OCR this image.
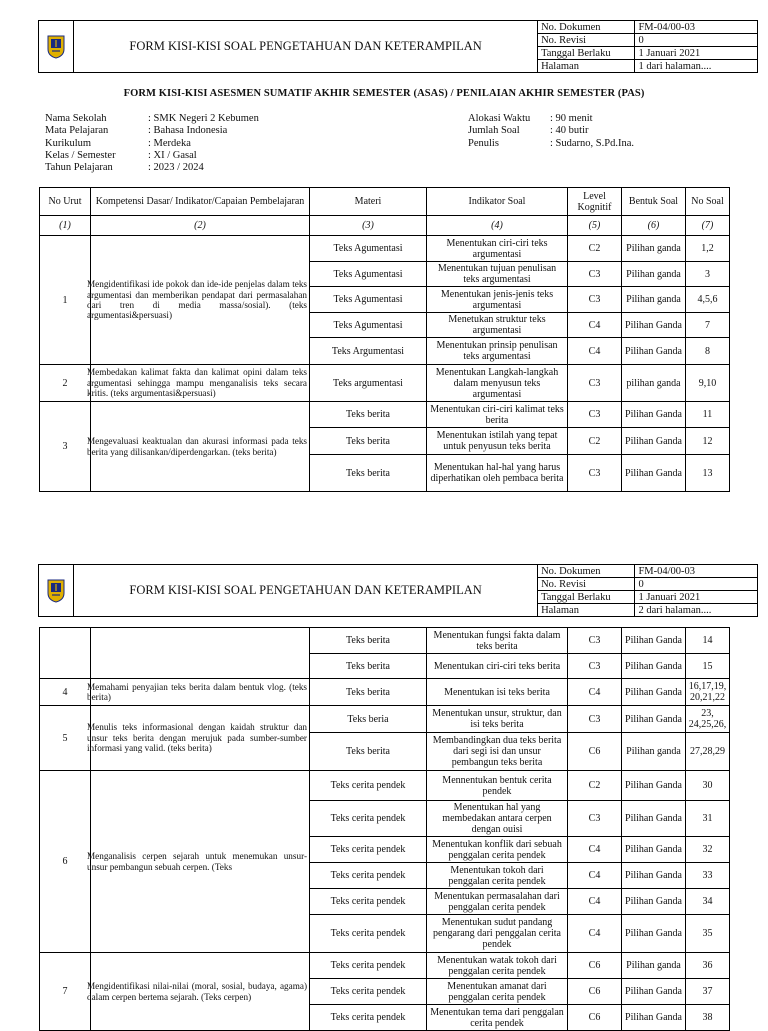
	FORM KISI-KISI SOAL PENGETAHUAN DAN KETERAMPILAN	No. Dokumen	FM-04/00-03
		No. Revisi	0
		Tanggal Berlaku	1 Januari 2021
		Halaman	1 dari halaman....
FORM KISI-KISI ASESMEN SUMATIF AKHIR SEMESTER (ASAS) / PENILAIAN AKHIR SEMESTER (PAS)
Nama Sekolah	: SMK Negeri 2 Kebumen
Mata Pelajaran	: Bahasa Indonesia
Kurikulum	: Merdeka
Kelas / Semester	: XI / Gasal
Tahun Pelajaran	: 2023 / 2024
Alokasi Waktu	: 90 menit
Jumlah Soal	: 40 butir
Penulis	: Sudarno, S.Pd.Ina.
No Urut	Kompetensi Dasar/ Indikator/Capaian Pembelajaran	Materi	Indikator Soal	Level Kognitif	Bentuk Soal	No Soal
(1)	(2)	(3)	(4)	(5)	(6)	(7)
1	Mengidentifikasi ide pokok dan ide-ide penjelas dalam teks argumentasi dan memberikan pendapat dari permasalahan dari tren di media massa/sosial). (teks argumentasi&persuasi)	Teks Agumentasi	Menentukan ciri-ciri teks argumentasi	C2	Pilihan ganda	1,2
		Teks Agumentasi	Menentukan tujuan penulisan teks argumentasi	C3	Pilihan ganda	3
		Teks Agumentasi	Menentukan jenis-jenis teks argumentasi	C3	Pilihan ganda	4,5,6
		Teks Agumentasi	Menetukan struktur teks argumentasi	C4	Pilihan Ganda	7
		Teks Argumentasi	Menentukan prinsip penulisan teks argumentasi	C4	Pilihan Ganda	8
2	Membedakan kalimat fakta dan kalimat opini dalam teks argumentasi sehingga mampu menganalisis teks secara kritis. (teks argumentasi&persuasi)	Teks argumentasi	Menentukan Langkah-langkah dalam menyusun teks argumentasi	C3	pilihan ganda	9,10
3	Mengevaluasi keaktualan dan akurasi informasi pada teks berita yang dilisankan/diperdengarkan. (teks berita)	Teks berita	Menentukan ciri-ciri kalimat teks berita	C3	Pilihan Ganda	11
		Teks berita	Menentukan istilah yang tepat untuk penyusun teks berita	C2	Pilihan Ganda	12
		Teks berita	Menentukan hal-hal yang harus diperhatikan oleh pembaca berita	C3	Pilihan Ganda	13
	FORM KISI-KISI SOAL PENGETAHUAN DAN KETERAMPILAN	No. Dokumen	FM-04/00-03
		No. Revisi	0
		Tanggal Berlaku	1 Januari 2021
		Halaman	2 dari halaman....

	Teks berita	Menentukan fungsi fakta dalam teks berita	C3	Pilihan Ganda	14
		Teks berita	Menentukan ciri-ciri teks berita	C3	Pilihan Ganda	15
4	Memahami penyajian teks berita dalam bentuk vlog. (teks berita)	Teks berita	Menentukan isi teks berita	C4	Pilihan Ganda	16,17,19, 20,21,22
5	Menulis teks informasional dengan kaidah struktur dan unsur teks berita dengan merujuk pada sumber-sumber informasi yang valid. (teks berita)	Teks beria	Menentukan unsur, struktur, dan isi teks berita	C3	Pilihan Ganda	23, 24,25,26,
		Teks berita	Membandingkan dua teks berita dari segi isi dan unsur pembangun teks berita	C6	Pilihan ganda	27,28,29
6	Menganalisis cerpen sejarah untuk menemukan unsur-unsur pembangun sebuah cerpen. (Teks	Teks cerita pendek	Mennentukan bentuk cerita pendek	C2	Pilihan Ganda	30
		Teks cerita pendek	Menentukan hal yang membedakan antara cerpen dengan ouisi	C3	Pilihan Ganda	31
		Teks cerita pendek	Menentukan konflik dari sebuah penggalan cerita pendek	C4	Pilihan Ganda	32
		Teks cerita pendek	Menentukan tokoh dari penggalan cerita pendek	C4	Pilihan Ganda	33
		Teks cerita pendek	Menentukan permasalahan dari penggalan cerita pendek	C4	Pilihan Ganda	34
		Teks cerita pendek	Menentukan sudut pandang pengarang dari penggalan cerita pendek	C4	Pilihan Ganda	35
7	Mengidentifikasi nilai-nilai (moral, sosial, budaya, agama) dalam cerpen bertema sejarah. (Teks cerpen)	Teks cerita pendek	Menentukan watak tokoh dari penggalan cerita pendek	C6	Pilihan ganda	36
		Teks cerita pendek	Menentukan amanat dari penggalan cerita pendek	C6	Pilihan Ganda	37
		Teks cerita pendek	Menentukan tema dari penggalan cerita pendek	C6	Pilihan Ganda	38
